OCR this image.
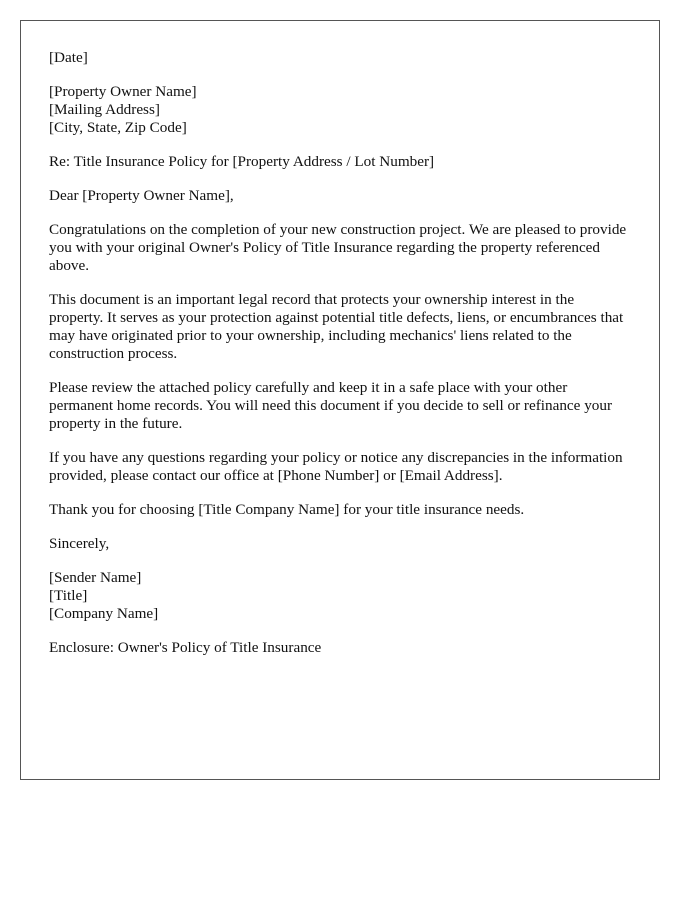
[Date]
[Property Owner Name]
[Mailing Address]
[City, State, Zip Code]

Re: Title Insurance Policy for [Property Address / Lot Number]

Dear [Property Owner Name],

Congratulations on the completion of your new construction project. We are pleased to provide you with your original Owner's Policy of Title Insurance regarding the property referenced above.

This document is an important legal record that protects your ownership interest in the property. It serves as your protection against potential title defects, liens, or encumbrances that may have originated prior to your ownership, including mechanics' liens related to the construction process.

Please review the attached policy carefully and keep it in a safe place with your other permanent home records. You will need this document if you decide to sell or refinance your property in the future.

If you have any questions regarding your policy or notice any discrepancies in the information provided, please contact our office at [Phone Number] or [Email Address].

Thank you for choosing [Title Company Name] for your title insurance needs.

Sincerely,

[Sender Name]
[Title]
[Company Name]

Enclosure: Owner's Policy of Title Insurance
